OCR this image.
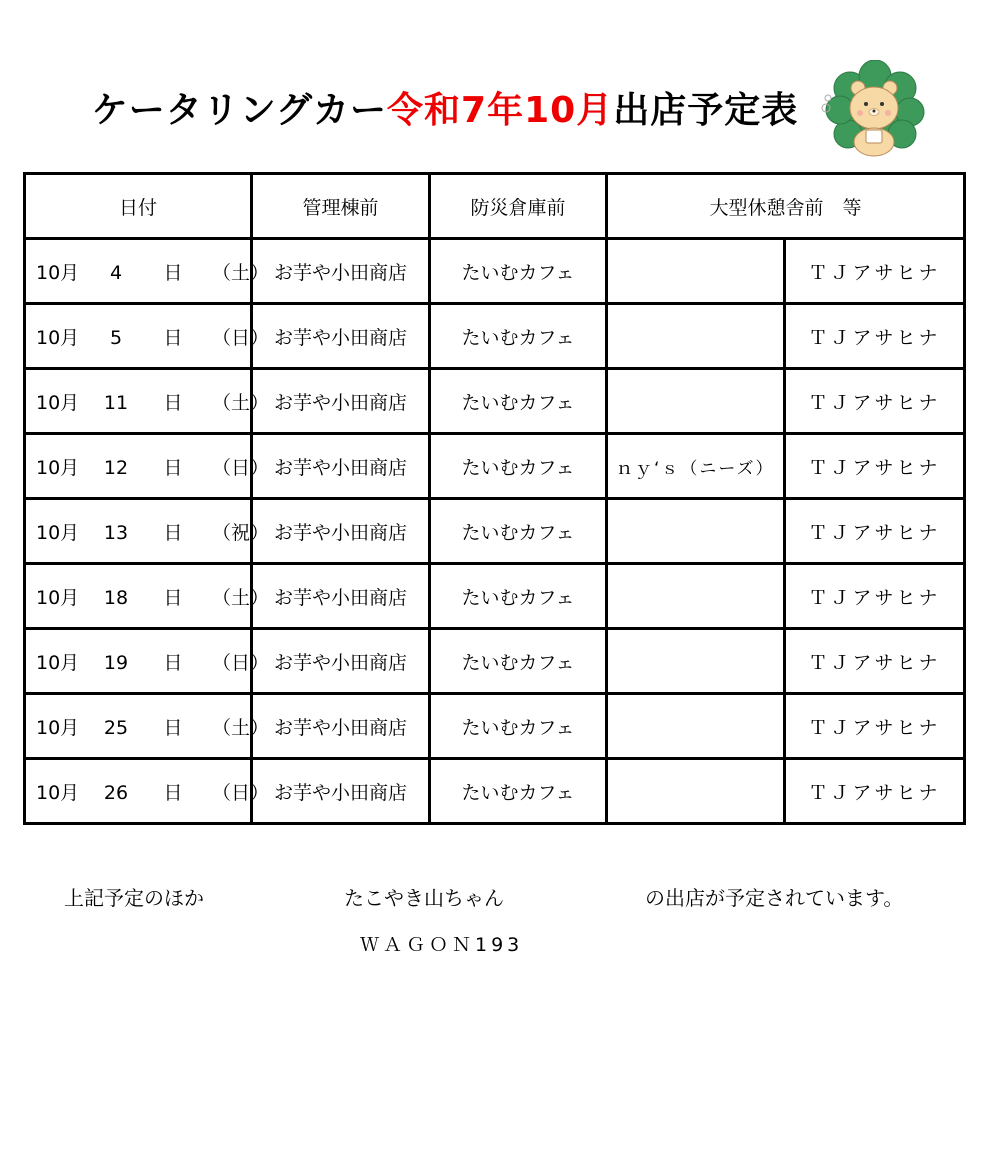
ケータリングカー令和7年10月出店予定表
日付	管理棟前	防災倉庫前	大型休憩舎前　等	
10月 4 日 （土）	お芋や小田商店	たいむカフェ		ＴＪアサヒナ
10月 5 日 （日）	お芋や小田商店	たいむカフェ		ＴＪアサヒナ
10月 11 日 （土）	お芋や小田商店	たいむカフェ		ＴＪアサヒナ
10月 12 日 （日）	お芋や小田商店	たいむカフェ	ｎｙ‘ｓ（ニーズ）	ＴＪアサヒナ
10月 13 日 （祝）	お芋や小田商店	たいむカフェ		ＴＪアサヒナ
10月 18 日 （土）	お芋や小田商店	たいむカフェ		ＴＪアサヒナ
10月 19 日 （日）	お芋や小田商店	たいむカフェ		ＴＪアサヒナ
10月 25 日 （土）	お芋や小田商店	たいむカフェ		ＴＪアサヒナ
10月 26 日 （日）	お芋や小田商店	たいむカフェ		ＴＪアサヒナ
上記予定のほか	たこやき山ちゃん	の出店が予定されています。
ＷＡＧＯＮ193
